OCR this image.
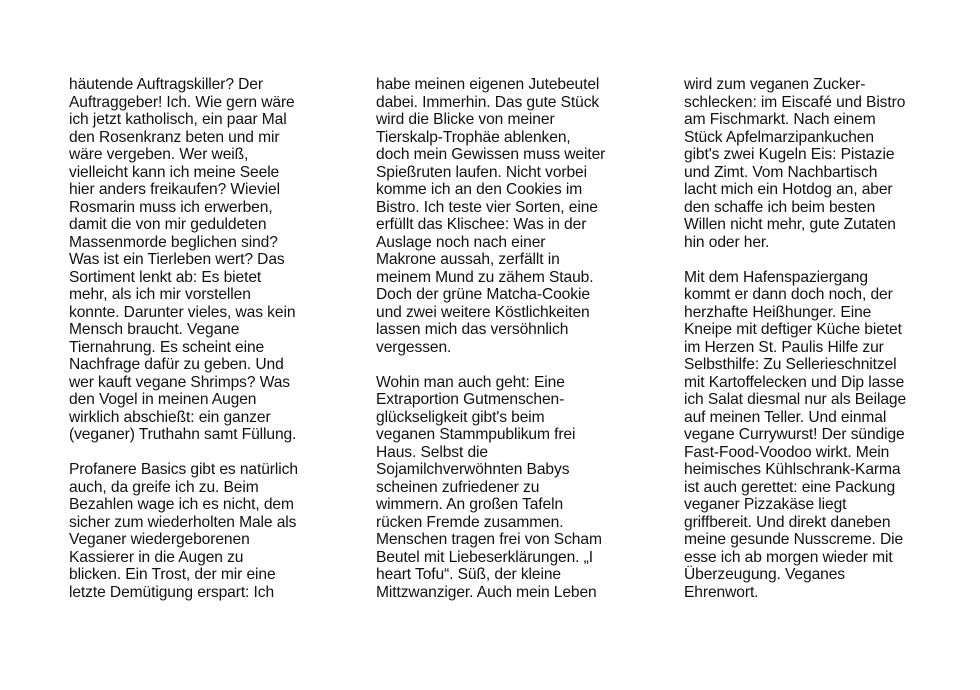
häutende Auftragskiller? Der
Auftraggeber! Ich. Wie gern wäre
ich jetzt katholisch, ein paar Mal
den Rosenkranz beten und mir
wäre vergeben. Wer weiß,
vielleicht kann ich meine Seele
hier anders freikaufen? Wieviel
Rosmarin muss ich erwerben,
damit die von mir geduldeten
Massenmorde beglichen sind?
Was ist ein Tierleben wert? Das
Sortiment lenkt ab: Es bietet
mehr, als ich mir vorstellen
konnte. Darunter vieles, was kein
Mensch braucht. Vegane
Tiernahrung. Es scheint eine
Nachfrage dafür zu geben. Und
wer kauft vegane Shrimps? Was
den Vogel in meinen Augen
wirklich abschießt: ein ganzer
(veganer) Truthahn samt Füllung.
Profanere Basics gibt es natürlich
auch, da greife ich zu. Beim
Bezahlen wage ich es nicht, dem
sicher zum wiederholten Male als
Veganer wiedergeborenen
Kassierer in die Augen zu
blicken. Ein Trost, der mir eine
letzte Demütigung erspart: Ich
habe meinen eigenen Jutebeutel
dabei. Immerhin. Das gute Stück
wird die Blicke von meiner
Tierskalp-Trophäe ablenken,
doch mein Gewissen muss weiter
Spießruten laufen. Nicht vorbei
komme ich an den Cookies im
Bistro. Ich teste vier Sorten, eine
erfüllt das Klischee: Was in der
Auslage noch nach einer
Makrone aussah, zerfällt in
meinem Mund zu zähem Staub.
Doch der grüne Matcha-Cookie
und zwei weitere Köstlichkeiten
lassen mich das versöhnlich
vergessen.
Wohin man auch geht: Eine
Extraportion Gutmenschen-
glückseligkeit gibt's beim
veganen Stammpublikum frei
Haus. Selbst die
Sojamilchverwöhnten Babys
scheinen zufriedener zu
wimmern. An großen Tafeln
rücken Fremde zusammen.
Menschen tragen frei von Scham
Beutel mit Liebeserklärungen. „I
heart Tofu“. Süß, der kleine
Mittzwanziger. Auch mein Leben
wird zum veganen Zucker-
schlecken: im Eiscafé und Bistro
am Fischmarkt. Nach einem
Stück Apfelmarzipankuchen
gibt's zwei Kugeln Eis: Pistazie
und Zimt. Vom Nachbartisch
lacht mich ein Hotdog an, aber
den schaffe ich beim besten
Willen nicht mehr, gute Zutaten
hin oder her.
Mit dem Hafenspaziergang
kommt er dann doch noch, der
herzhafte Heißhunger. Eine
Kneipe mit deftiger Küche bietet
im Herzen St. Paulis Hilfe zur
Selbsthilfe: Zu Sellerieschnitzel
mit Kartoffelecken und Dip lasse
ich Salat diesmal nur als Beilage
auf meinen Teller. Und einmal
vegane Currywurst! Der sündige
Fast-Food-Voodoo wirkt. Mein
heimisches Kühlschrank-Karma
ist auch gerettet: eine Packung
veganer Pizzakäse liegt
griffbereit. Und direkt daneben
meine gesunde Nusscreme. Die
esse ich ab morgen wieder mit
Überzeugung. Veganes
Ehrenwort.
